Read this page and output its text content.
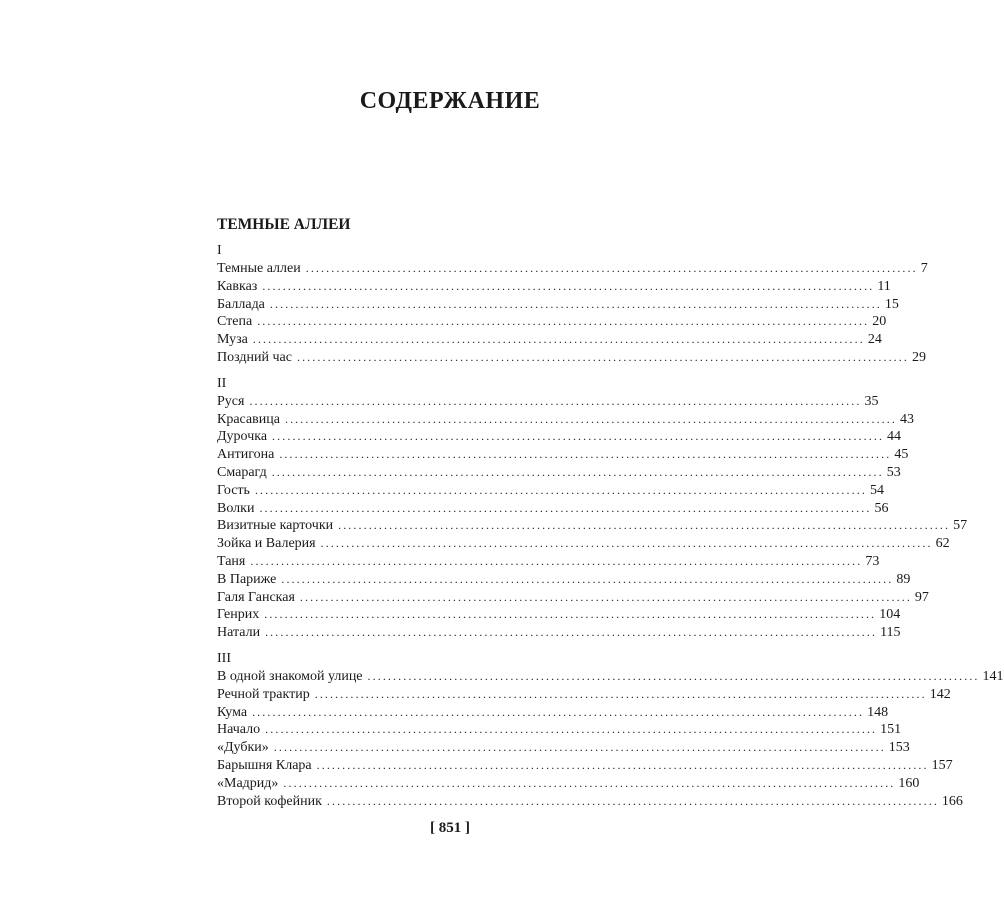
СОДЕРЖАНИЕ
ТЕМНЫЕ АЛЛЕИ
I
Темные аллеи ........................................................................................................................ 7
Кавказ ........................................................................................................................ 11
Баллада ........................................................................................................................ 15
Степа ........................................................................................................................ 20
Муза ........................................................................................................................ 24
Поздний час ........................................................................................................................ 29
II
Руся ........................................................................................................................ 35
Красавица ........................................................................................................................ 43
Дурочка ........................................................................................................................ 44
Антигона ........................................................................................................................ 45
Смарагд ........................................................................................................................ 53
Гость ........................................................................................................................ 54
Волки ........................................................................................................................ 56
Визитные карточки ........................................................................................................................ 57
Зойка и Валерия ........................................................................................................................ 62
Таня ........................................................................................................................ 73
В Париже ........................................................................................................................ 89
Галя Ганская ........................................................................................................................ 97
Генрих ........................................................................................................................ 104
Натали ........................................................................................................................ 115
III
В одной знакомой улице ........................................................................................................................ 141
Речной трактир ........................................................................................................................ 142
Кума ........................................................................................................................ 148
Начало ........................................................................................................................ 151
«Дубки» ........................................................................................................................ 153
Барышня Клара ........................................................................................................................ 157
«Мадрид» ........................................................................................................................ 160
Второй кофейник ........................................................................................................................ 166
[ 851 ]
